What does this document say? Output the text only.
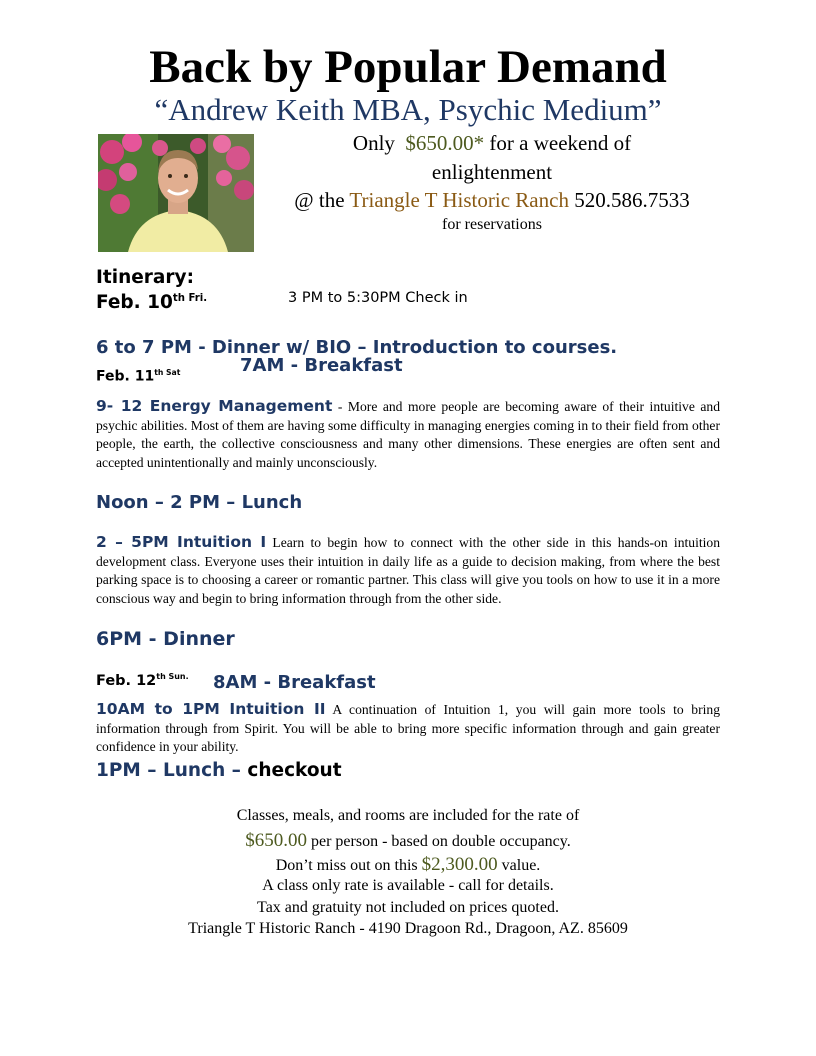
Back by Popular Demand
“Andrew Keith MBA, Psychic Medium”
Only $650.00* for a weekend of
enlightenment
@ the Triangle T Historic Ranch 520.586.7533
for reservations
Itinerary:
Feb. $10^{th Fri.}$	3 PM to 5:30PM Check in
6 to 7 PM - Dinner w/ BIO – Introduction to courses.
Feb. $11^{th Sat}$	7AM - Breakfast
9- 12 Energy Management - More and more people are becoming aware of their intuitive and psychic abilities. Most of them are having some difficulty in managing energies coming in to their field from other people, the earth, the collective consciousness and many other dimensions. These energies are often sent and accepted unintentionally and mainly unconsciously.
Noon – 2 PM – Lunch
2 – 5PM Intuition I Learn to begin how to connect with the other side in this hands-on intuition development class. Everyone uses their intuition in daily life as a guide to decision making, from where the best parking space is to choosing a career or romantic partner. This class will give you tools on how to use it in a more conscious way and begin to bring information through from the other side.
6PM - Dinner
Feb. $12^{th Sun.}$ 8AM - Breakfast
10AM to 1PM Intuition II A continuation of Intuition 1, you will gain more tools to bring information through from Spirit. You will be able to bring more specific information through and gain greater confidence in your ability.
1PM – Lunch – checkout
Classes, meals, and rooms are included for the rate of
$650.00 per person - based on double occupancy.
Don’t miss out on this $2,300.00 value.
A class only rate is available - call for details.
Tax and gratuity not included on prices quoted.
Triangle T Historic Ranch - 4190 Dragoon Rd., Dragoon, AZ. 85609
